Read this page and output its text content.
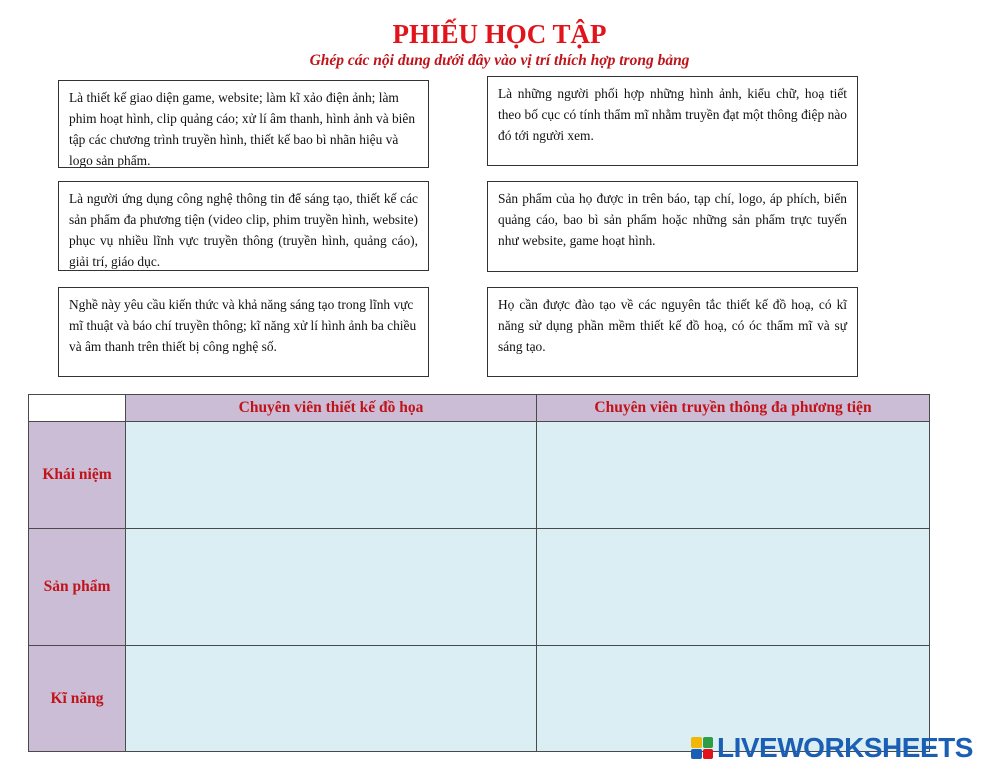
PHIẾU HỌC TẬP
Ghép các nội dung dưới đây vào vị trí thích hợp trong bảng
Là thiết kế giao diện game, website; làm kĩ xảo điện ảnh; làm phim hoạt hình, clip quảng cáo; xử lí âm thanh, hình ảnh và biên tập các chương trình truyền hình, thiết kế bao bì nhãn hiệu và logo sản phẩm.
Là những người phối hợp những hình ảnh, kiểu chữ, hoạ tiết theo bố cục có tính thẩm mĩ nhằm truyền đạt một thông điệp nào đó tới người xem.
Là người ứng dụng công nghệ thông tin để sáng tạo, thiết kế các sản phẩm đa phương tiện (video clip, phim truyền hình, website) phục vụ nhiều lĩnh vực truyền thông (truyền hình, quảng cáo), giải trí, giáo dục.
Sản phẩm của họ được in trên báo, tạp chí, logo, áp phích, biển quảng cáo, bao bì sản phẩm hoặc những sản phẩm trực tuyến như website, game hoạt hình.
Nghề này yêu cầu kiến thức và khả năng sáng tạo trong lĩnh vực mĩ thuật và báo chí truyền thông; kĩ năng xử lí hình ảnh ba chiều và âm thanh trên thiết bị công nghệ số.
Họ cần được đào tạo về các nguyên tắc thiết kế đồ hoạ, có kĩ năng sử dụng phần mềm thiết kế đồ hoạ, có óc thẩm mĩ và sự sáng tạo.
	Chuyên viên thiết kế đồ họa	Chuyên viên truyền thông đa phương tiện
Khái niệm		
Sản phẩm		
Kĩ năng		
LIVEWORKSHEETS
